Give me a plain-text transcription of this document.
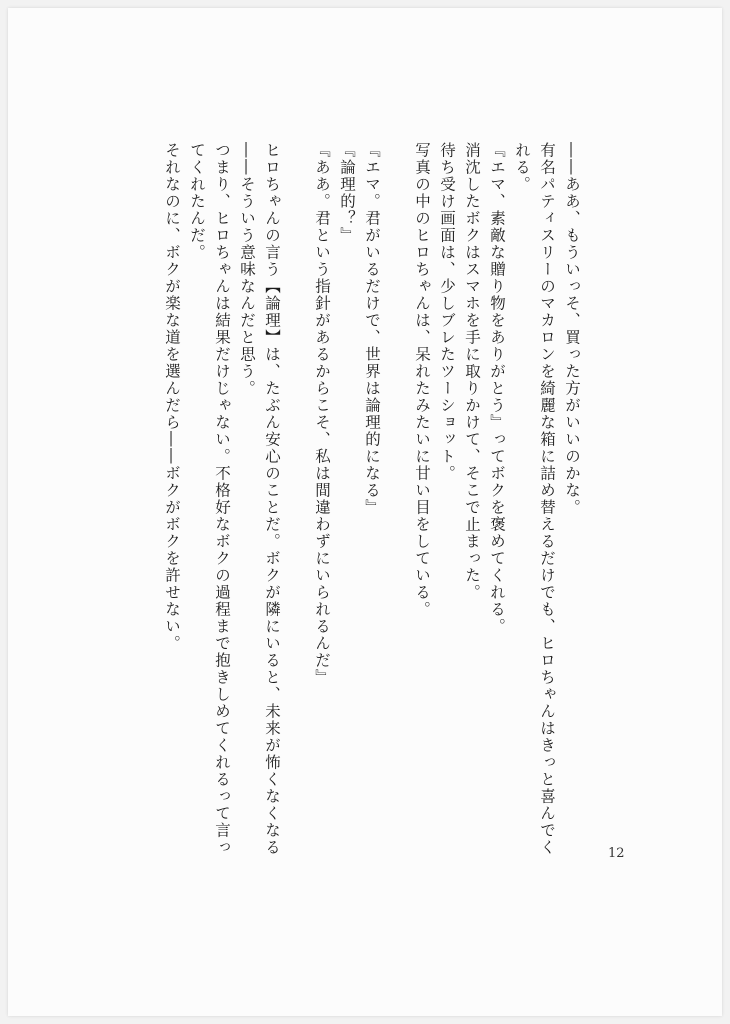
――ああ、もういっそ、買った方がいいのかな。
有名パティスリーのマカロンを綺麗な箱に詰め替えるだけでも、ヒロちゃんはきっと喜んでくれる。
『エマ、素敵な贈り物をありがとう』ってボクを褒めてくれる。
消沈したボクはスマホを手に取りかけて、そこで止まった。
待ち受け画面は、少しブレたツーショット。
写真の中のヒロちゃんは、呆れたみたいに甘い目をしている。
『エマ。君がいるだけで、世界は論理的になる』
『論理的？』
『ああ。君という指針があるからこそ、私は間違わずにいられるんだ』
ヒロちゃんの言う【論理】は、たぶん安心のことだ。ボクが隣にいると、未来が怖くなくなる――そういう意味なんだと思う。
つまり、ヒロちゃんは結果だけじゃない。不格好なボクの過程まで抱きしめてくれるって言ってくれたんだ。
それなのに、ボクが楽な道を選んだら――ボクがボクを許せない。
12
